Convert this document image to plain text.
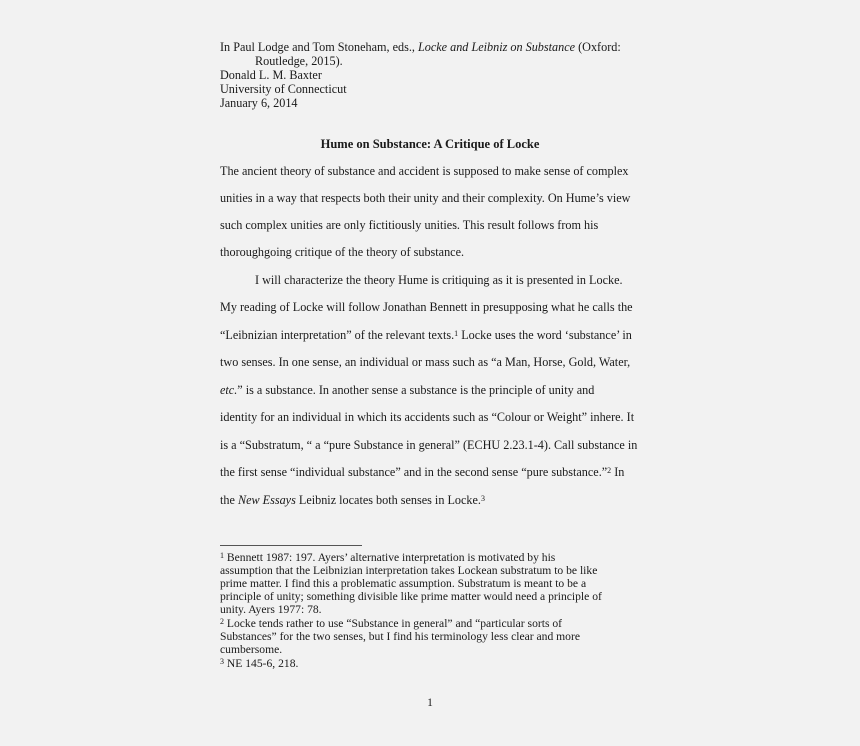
In Paul Lodge and Tom Stoneham, eds., Locke and Leibniz on Substance (Oxford:
Routledge, 2015).
Donald L. M. Baxter
University of Connecticut
January 6, 2014
Hume on Substance: A Critique of Locke
The ancient theory of substance and accident is supposed to make sense of complex
unities in a way that respects both their unity and their complexity. On Hume’s view
such complex unities are only fictitiously unities. This result follows from his
thoroughgoing critique of the theory of substance.
I will characterize the theory Hume is critiquing as it is presented in Locke.
My reading of Locke will follow Jonathan Bennett in presupposing what he calls the
“Leibnizian interpretation” of the relevant texts.$^1$ Locke uses the word ‘substance’ in
two senses. In one sense, an individual or mass such as “a Man, Horse, Gold, Water,
etc.” is a substance. In another sense a substance is the principle of unity and
identity for an individual in which its accidents such as “Colour or Weight” inhere. It
is a “Substratum, “ a “pure Substance in general” (ECHU 2.23.1-4). Call substance in
the first sense “individual substance” and in the second sense “pure substance.”$^2$ In
the New Essays Leibniz locates both senses in Locke.$^3$
$^1$ Bennett 1987: 197. Ayers’ alternative interpretation is motivated by his
assumption that the Leibnizian interpretation takes Lockean substratum to be like
prime matter. I find this a problematic assumption. Substratum is meant to be a
principle of unity; something divisible like prime matter would need a principle of
unity. Ayers 1977: 78.
$^2$ Locke tends rather to use “Substance in general” and “particular sorts of
Substances” for the two senses, but I find his terminology less clear and more
cumbersome.
$^3$ NE 145-6, 218.
1
